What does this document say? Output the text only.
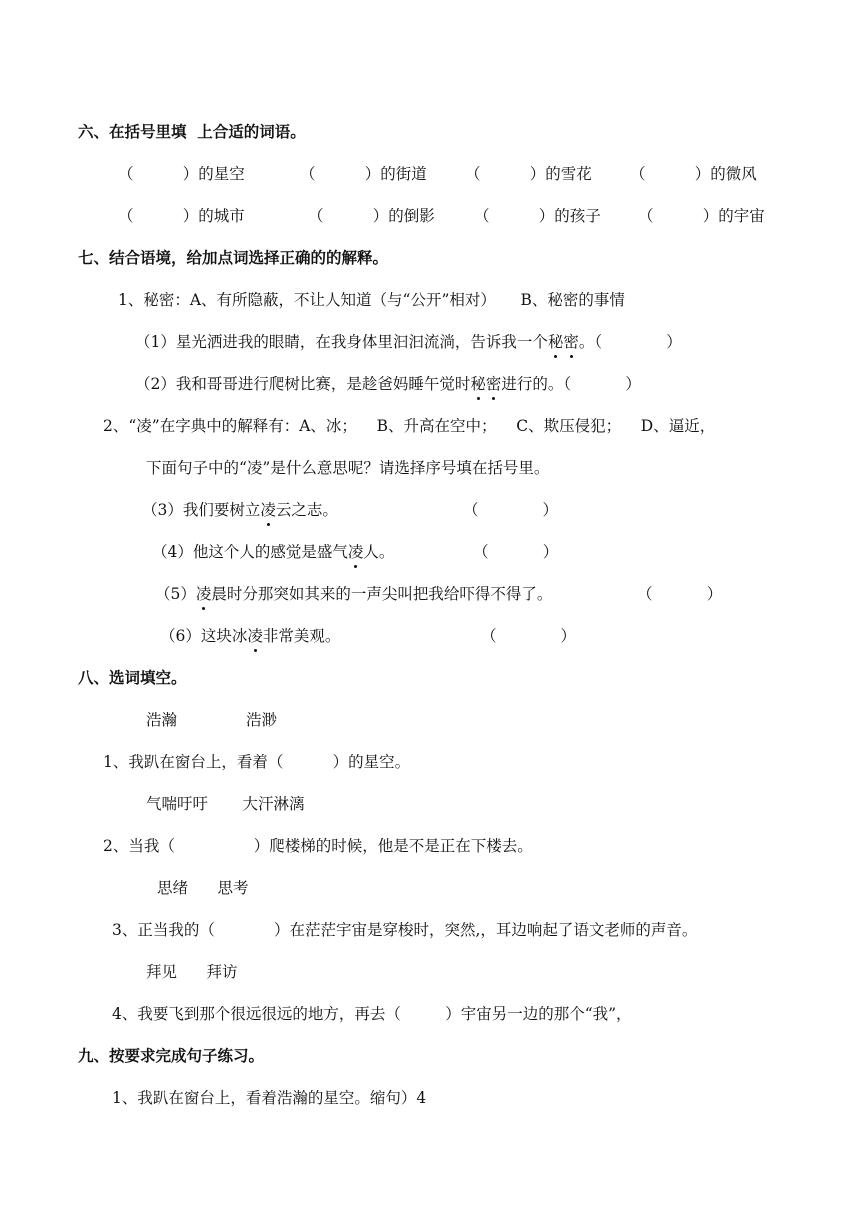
六、在括号里填  上合适的词语。
（          ）的星空	（          ）的街道 （          ）的雪花 （          ）的微风
（          ）的城市	（          ）的倒影	（          ）的孩子 （          ）的宇宙
七、结合语境，给加点词选择正确的的解释。
1、秘密：A、有所隐蔽，不让人知道（与“公开”相对）     B、秘密的事情
（1）星光洒进我的眼睛，在我身体里汩汩流淌，告诉我一个秘密。（             ）
（2）我和哥哥进行爬树比赛，是趁爸妈睡午觉时秘密进行的。（           ）
2、“凌”在字典中的解释有：A、冰；    B、升高在空中；    C、欺压侵犯；    D、逼近，
下面句子中的“凌”是什么意思呢？请选择序号填在括号里。
（3）我们要树立凌云之志。	（             ）
（4）他这个人的感觉是盛气凌人。	（           ）
（5）凌晨时分那突如其来的一声尖叫把我给吓得不得了。	（           ）
（6）这块冰凌非常美观。	（             ）
八、选词填空。
浩瀚              浩渺
1、我趴在窗台上，看着（          ）的星空。
气喘吁吁       大汗淋漓
2、当我（                ）爬楼梯的时候，他是不是正在下楼去。
思绪      思考
3、正当我的（            ）在茫茫宇宙是穿梭时，突然,，耳边响起了语文老师的声音。
拜见      拜访
4、我要飞到那个很远很远的地方，再去（         ）宇宙另一边的那个“我”，
九、按要求完成句子练习。
1、我趴在窗台上，看着浩瀚的星空。缩句）4
